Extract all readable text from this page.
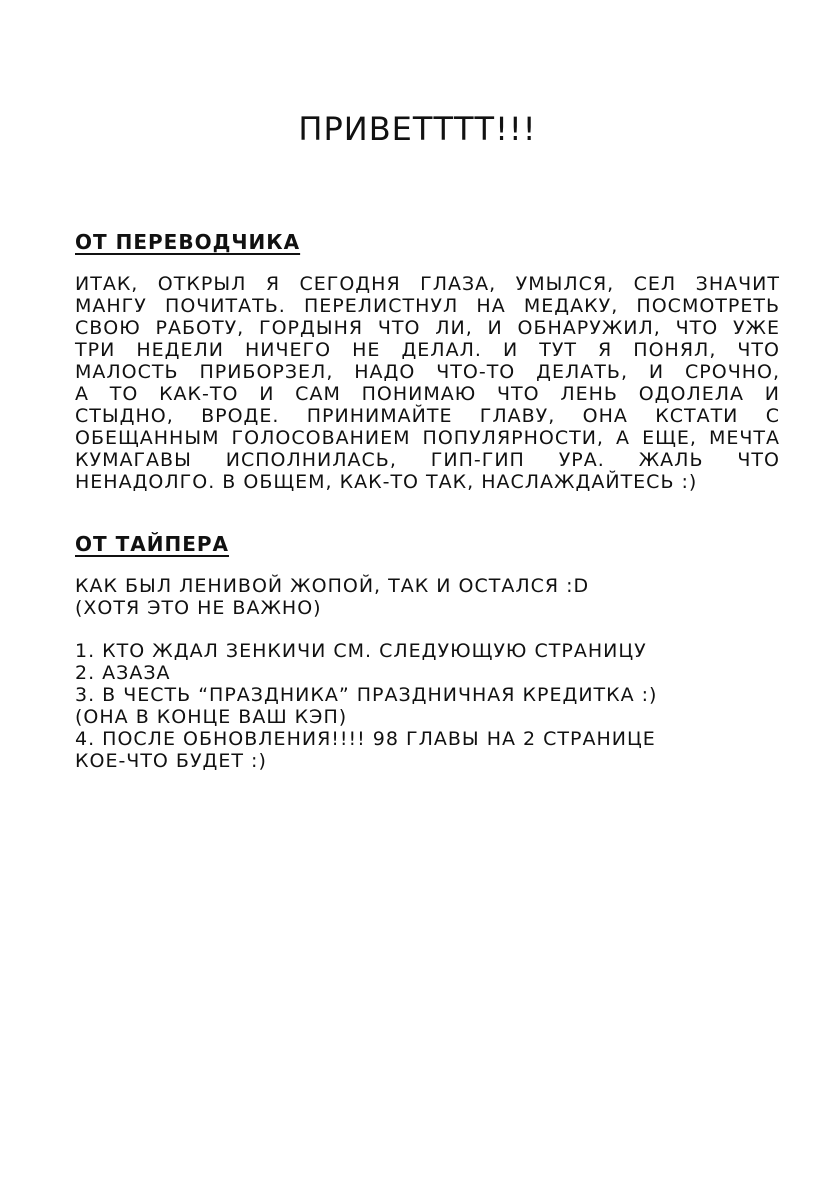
ПРИВЕТТТТ!!!
ОТ ПЕРЕВОДЧИКА
ИТАК, ОТКРЫЛ Я СЕГОДНЯ ГЛАЗА, УМЫЛСЯ, СЕЛ ЗНАЧИТ
МАНГУ ПОЧИТАТЬ. ПЕРЕЛИСТНУЛ НА МЕДАКУ, ПОСМОТРЕТЬ
СВОЮ РАБОТУ, ГОРДЫНЯ ЧТО ЛИ, И ОБНАРУЖИЛ, ЧТО УЖЕ
ТРИ НЕДЕЛИ НИЧЕГО НЕ ДЕЛАЛ. И ТУТ Я ПОНЯЛ, ЧТО
МАЛОСТЬ ПРИБОРЗЕЛ, НАДО ЧТО-ТО ДЕЛАТЬ, И СРОЧНО,
А ТО КАК-ТО И САМ ПОНИМАЮ ЧТО ЛЕНЬ ОДОЛЕЛА И
СТЫДНО, ВРОДЕ. ПРИНИМАЙТЕ ГЛАВУ, ОНА КСТАТИ С
ОБЕЩАННЫМ ГОЛОСОВАНИЕМ ПОПУЛЯРНОСТИ, А ЕЩЕ, МЕЧТА
КУМАГАВЫ ИСПОЛНИЛАСЬ, ГИП-ГИП УРА. ЖАЛЬ ЧТО
НЕНАДОЛГО. В ОБЩЕМ, КАК-ТО ТАК, НАСЛАЖДАЙТЕСЬ :)
ОТ ТАЙПЕРА
КАК БЫЛ ЛЕНИВОЙ ЖОПОЙ, ТАК И ОСТАЛСЯ :D
(ХОТЯ ЭТО НЕ ВАЖНО)
1. КТО ЖДАЛ ЗЕНКИЧИ СМ. СЛЕДУЮЩУЮ СТРАНИЦУ
2. АЗАЗА
3. В ЧЕСТЬ “ПРАЗДНИКА” ПРАЗДНИЧНАЯ КРЕДИТКА :)
(ОНА В КОНЦЕ ВАШ КЭП)
4. ПОСЛЕ ОБНОВЛЕНИЯ!!!! 98 ГЛАВЫ НА 2 СТРАНИЦЕ
КОЕ-ЧТО БУДЕТ :)
